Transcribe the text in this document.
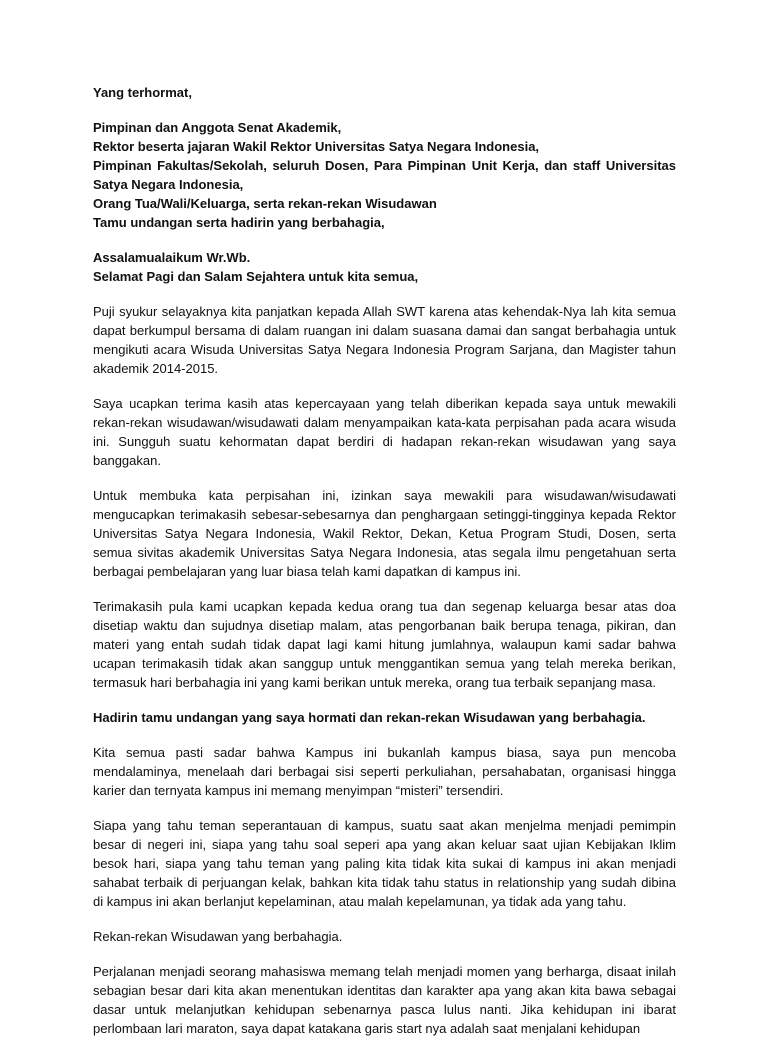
Yang terhormat,
Pimpinan dan Anggota Senat Akademik,
Rektor beserta jajaran Wakil Rektor Universitas Satya Negara Indonesia,
Pimpinan Fakultas/Sekolah, seluruh Dosen, Para Pimpinan Unit Kerja, dan staff Universitas Satya Negara Indonesia,
Orang Tua/Wali/Keluarga, serta rekan-rekan Wisudawan
Tamu undangan serta hadirin yang berbahagia,
Assalamualaikum Wr.Wb.
Selamat Pagi dan Salam Sejahtera untuk kita semua,
Puji syukur selayaknya kita panjatkan kepada Allah SWT karena atas kehendak-Nya lah kita semua dapat berkumpul bersama di dalam ruangan ini dalam suasana damai dan sangat berbahagia untuk mengikuti acara Wisuda Universitas Satya Negara Indonesia Program Sarjana, dan Magister tahun akademik 2014-2015.
Saya ucapkan terima kasih atas kepercayaan yang telah diberikan kepada saya untuk mewakili rekan-rekan wisudawan/wisudawati dalam menyampaikan kata-kata perpisahan pada acara wisuda ini. Sungguh suatu kehormatan dapat berdiri di hadapan rekan-rekan wisudawan yang saya banggakan.
Untuk membuka kata perpisahan ini, izinkan saya mewakili para wisudawan/wisudawati mengucapkan terimakasih sebesar-sebesarnya dan penghargaan setinggi-tingginya kepada Rektor Universitas Satya Negara Indonesia, Wakil Rektor, Dekan, Ketua Program Studi, Dosen, serta semua sivitas akademik Universitas Satya Negara Indonesia, atas segala ilmu pengetahuan serta berbagai pembelajaran yang luar biasa telah kami dapatkan di kampus ini.
Terimakasih pula kami ucapkan kepada kedua orang tua dan segenap keluarga besar atas doa disetiap waktu dan sujudnya disetiap malam, atas pengorbanan baik berupa tenaga, pikiran, dan materi yang entah sudah tidak dapat lagi kami hitung jumlahnya, walaupun kami sadar bahwa ucapan terimakasih tidak akan sanggup untuk menggantikan semua yang telah mereka berikan, termasuk hari berbahagia ini yang kami berikan untuk mereka, orang tua terbaik sepanjang masa.
Hadirin tamu undangan yang saya hormati dan rekan-rekan Wisudawan yang berbahagia.
Kita semua pasti sadar bahwa Kampus ini bukanlah kampus biasa, saya pun mencoba mendalaminya, menelaah dari berbagai sisi seperti perkuliahan, persahabatan, organisasi hingga karier dan ternyata kampus ini memang menyimpan “misteri” tersendiri.
Siapa yang tahu teman seperantauan di kampus, suatu saat akan menjelma menjadi pemimpin besar di negeri ini, siapa yang tahu soal seperi apa yang akan keluar saat ujian Kebijakan Iklim besok hari, siapa yang tahu teman yang paling kita tidak kita sukai di kampus ini akan menjadi sahabat terbaik di perjuangan kelak, bahkan kita tidak tahu status in relationship yang sudah dibina di kampus ini akan berlanjut kepelaminan, atau malah kepelamunan, ya tidak ada yang tahu.
Rekan-rekan Wisudawan yang berbahagia.
Perjalanan menjadi seorang mahasiswa memang telah menjadi momen yang berharga, disaat inilah sebagian besar dari kita akan menentukan identitas dan karakter apa yang akan kita bawa sebagai dasar untuk melanjutkan kehidupan sebenarnya pasca lulus nanti. Jika kehidupan ini ibarat perlombaan lari maraton, saya dapat katakana garis start nya adalah saat menjalani kehidupan
